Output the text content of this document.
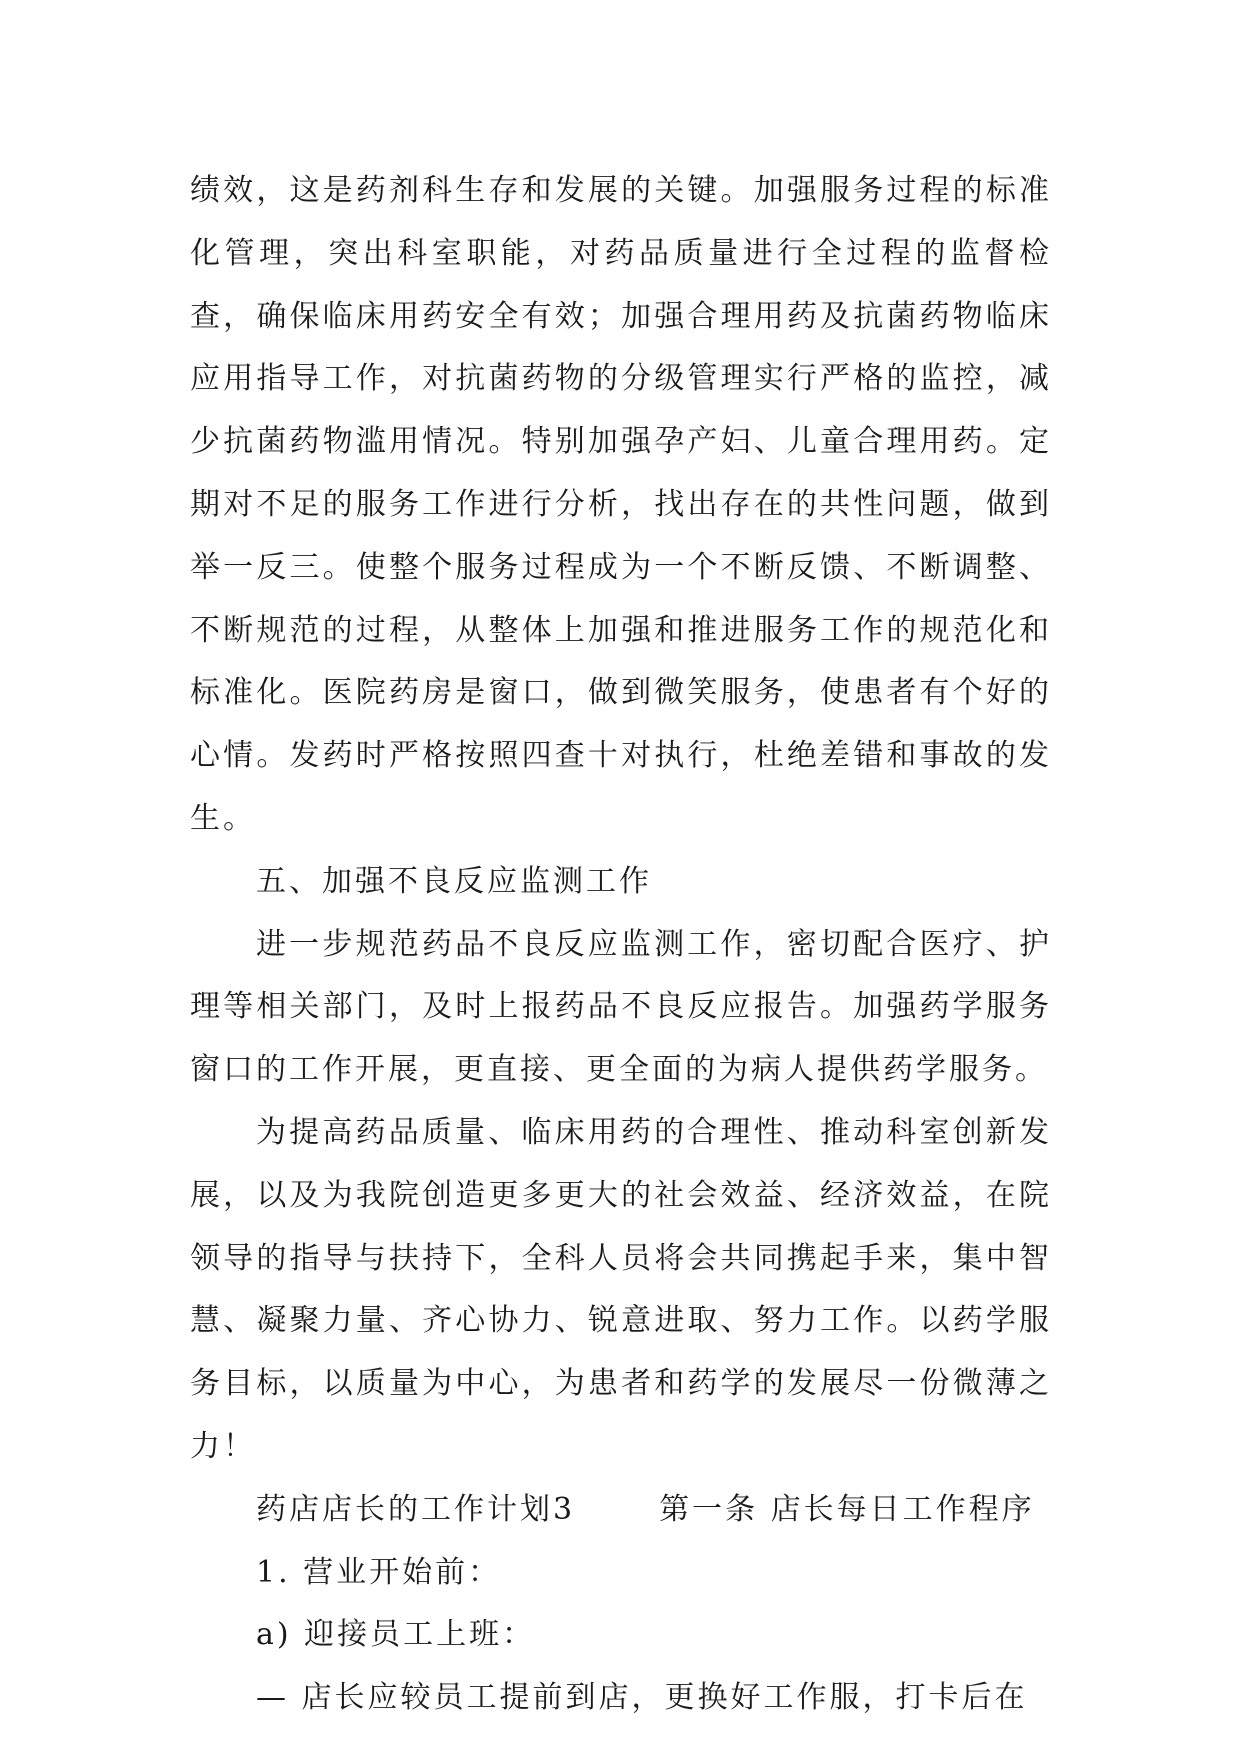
绩效，这是药剂科生存和发展的关键。加强服务过程的标准化管理，突出科室职能，对药品质量进行全过程的监督检查，确保临床用药安全有效；加强合理用药及抗菌药物临床应用指导工作，对抗菌药物的分级管理实行严格的监控，减少抗菌药物滥用情况。特别加强孕产妇、儿童合理用药。定期对不足的服务工作进行分析，找出存在的共性问题，做到举一反三。使整个服务过程成为一个不断反馈、不断调整、不断规范的过程，从整体上加强和推进服务工作的规范化和标准化。医院药房是窗口，做到微笑服务，使患者有个好的心情。发药时严格按照四查十对执行，杜绝差错和事故的发生。

五、加强不良反应监测工作

进一步规范药品不良反应监测工作，密切配合医疗、护理等相关部门，及时上报药品不良反应报告。加强药学服务窗口的工作开展，更直接、更全面的为病人提供药学服务。

为提高药品质量、临床用药的合理性、推动科室创新发展，以及为我院创造更多更大的社会效益、经济效益，在院领导的指导与扶持下，全科人员将会共同携起手来，集中智慧、凝聚力量、齐心协力、锐意进取、努力工作。以药学服务目标，以质量为中心，为患者和药学的发展尽一份微薄之力！

药店店长的工作计划3	第一条 店长每日工作程序

1. 营业开始前：

a) 迎接员工上班：

— 店长应较员工提前到店，更换好工作服，打卡后在
